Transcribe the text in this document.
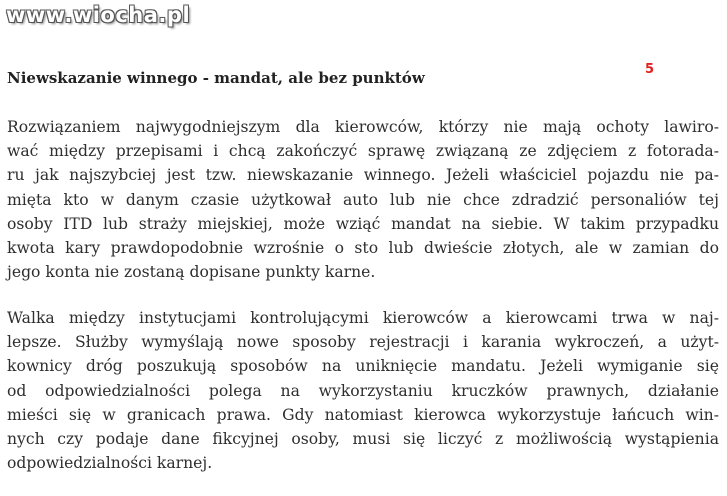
www.wiocha.pl
5
Niewskazanie winnego - mandat, ale bez punktów

Rozwiązaniem najwygodniejszym dla kierowców, którzy nie mają ochoty lawiro-
wać między przepisami i chcą zakończyć sprawę związaną ze zdjęciem z fotorada-
ru jak najszybciej jest tzw. niewskazanie winnego. Jeżeli właściciel pojazdu nie pa-
mięta kto w danym czasie użytkował auto lub nie chce zdradzić personaliów tej
osoby ITD lub straży miejskiej, może wziąć mandat na siebie. W takim przypadku
kwota kary prawdopodobnie wzrośnie o sto lub dwieście złotych, ale w zamian do
jego konta nie zostaną dopisane punkty karne.

Walka między instytucjami kontrolującymi kierowców a kierowcami trwa w naj-
lepsze. Służby wymyślają nowe sposoby rejestracji i karania wykroczeń, a użyt-
kownicy dróg poszukują sposobów na uniknięcie mandatu. Jeżeli wymiganie się
od odpowiedzialności polega na wykorzystaniu kruczków prawnych, działanie
mieści się w granicach prawa. Gdy natomiast kierowca wykorzystuje łańcuch win-
nych czy podaje dane fikcyjnej osoby, musi się liczyć z możliwością wystąpienia
odpowiedzialności karnej.
